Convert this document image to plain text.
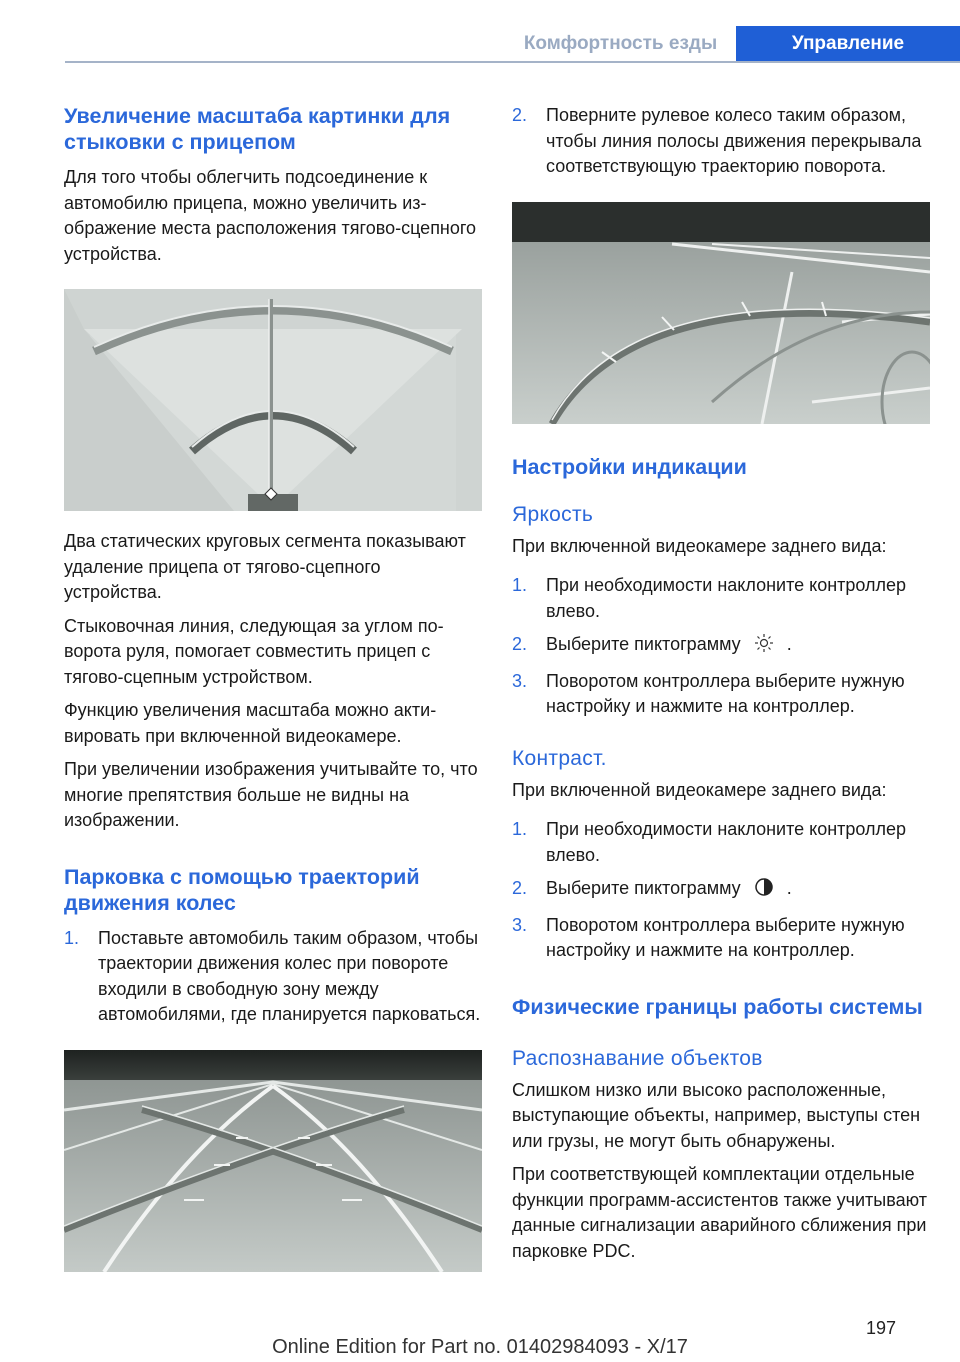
Комфортность езды	Управление
Увеличение масштаба картинки для стыковки с прицепом

Для того чтобы облегчить подсоединение к автомобилю прицепа, можно увеличить изображение места расположения тягово-сцепного устройства.

Два статических круговых сегмента показывают удаление прицепа от тягово-сцепного устройства.

Стыковочная линия, следующая за углом поворота руля, помогает совместить прицеп с тягово-сцепным устройством.

Функцию увеличения масштаба можно активировать при включенной видеокамере.

При увеличении изображения учитывайте то, что многие препятствия больше не видны на изображении.

Парковка с помощью траекторий движения колес
1. Поставьте автомобиль таким образом, чтобы траектории движения колес при повороте входили в свободную зону между автомобилями, где планируется парковаться.
2. Поверните рулевое колесо таким образом, чтобы линия полосы движения перекрывала соответствующую траекторию поворота.
Настройки индикации
Яркость

При включенной видеокамере заднего вида:

1. При необходимости наклоните контроллер влево.
2. Выберите пиктограмму	.
3. Поворотом контроллера выберите нужную настройку и нажмите на контроллер.
Контраст.

При включенной видеокамере заднего вида:

1. При необходимости наклоните контроллер влево.
2. Выберите пиктограмму	.
3. Поворотом контроллера выберите нужную настройку и нажмите на контроллер.
Физические границы работы системы
Распознавание объектов

Слишком низко или высоко расположенные, выступающие объекты, например, выступы стен или грузы, не могут быть обнаружены.

При соответствующей комплектации отдельные функции программ-ассистентов также учитывают данные сигнализации аварийного сближения при парковке PDC.

197
Online Edition for Part no. 01402984093 - X/17
